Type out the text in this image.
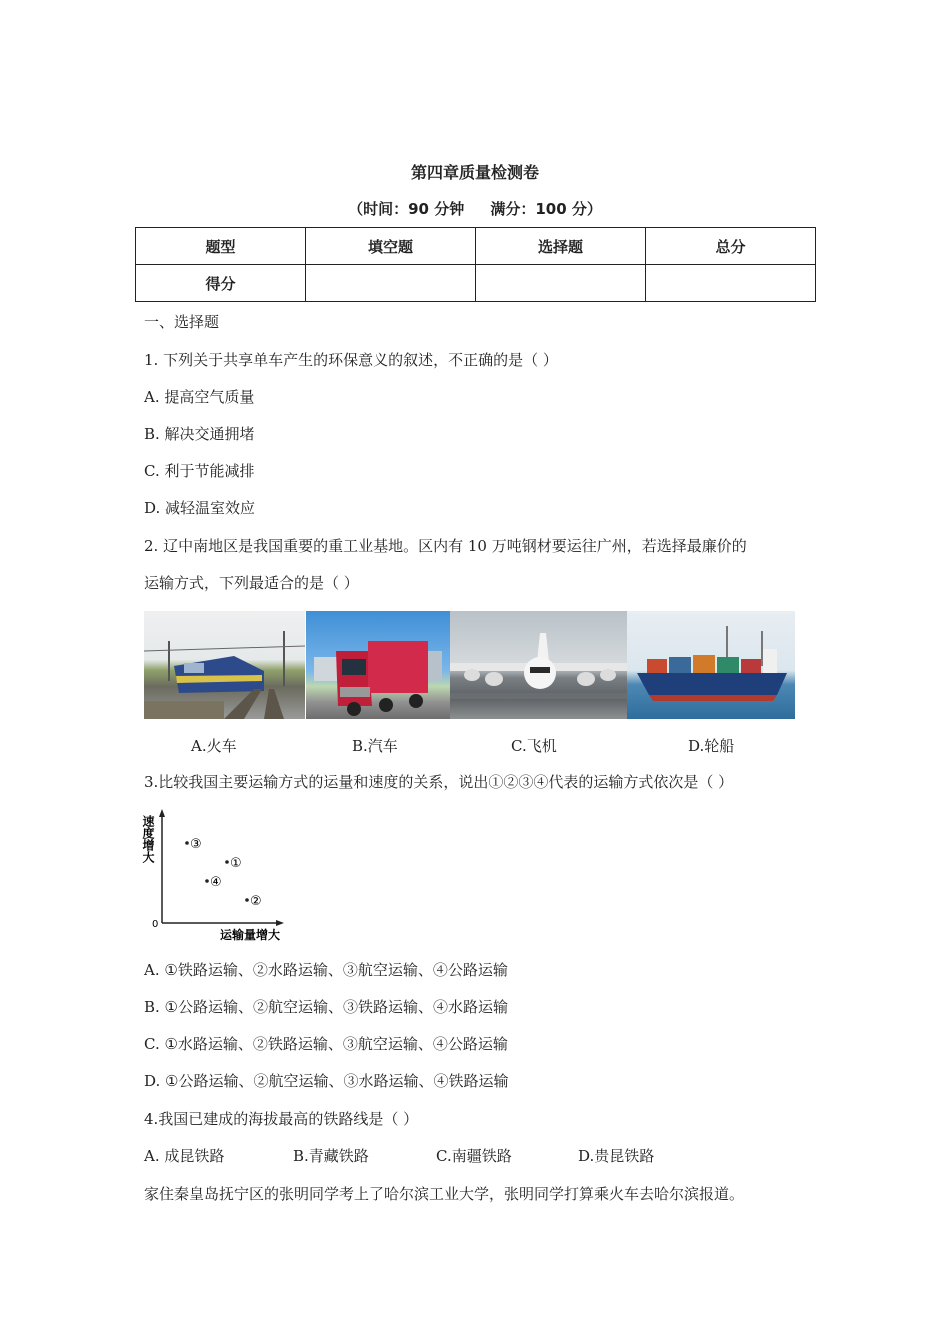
第四章质量检测卷
（时间：90 分钟     满分：100 分）
题型	填空题	选择题	总分
得分			
一、选择题
1. 下列关于共享单车产生的环保意义的叙述，不正确的是（ ）
A. 提高空气质量
B. 解决交通拥堵
C. 利于节能减排
D. 减轻温室效应
2. 辽中南地区是我国重要的重工业基地。区内有 10 万吨钢材要运往广州，若选择最廉价的
运输方式，下列最适合的是（ ）
A.火车	B.汽车	C.飞机	D.轮船
3.比较我国主要运输方式的运量和速度的关系，说出①②③④代表的运输方式依次是（ ）
速度增大
运输量增大
0
③
①
④
②
A. ①铁路运输、②水路运输、③航空运输、④公路运输
B. ①公路运输、②航空运输、③铁路运输、④水路运输
C. ①水路运输、②铁路运输、③航空运输、④公路运输
D. ①公路运输、②航空运输、③水路运输、④铁路运输
4.我国已建成的海拔最高的铁路线是（ ）
A. 成昆铁路	B.青藏铁路	C.南疆铁路	D.贵昆铁路
家住秦皇岛抚宁区的张明同学考上了哈尔滨工业大学，张明同学打算乘火车去哈尔滨报道。
